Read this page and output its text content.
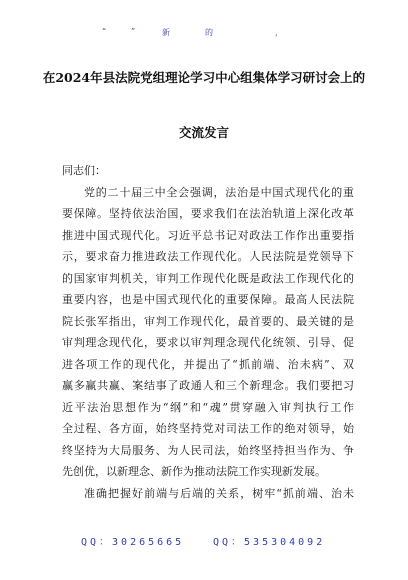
“	”	新	的	，
在2024年县法院党组理论学习中心组集体学习研讨会上的
交流发言
同志们：
党的二十届三中全会强调，法治是中国式现代化的重
要保障。坚持依法治国，要求我们在法治轨道上深化改革
推进中国式现代化。习近平总书记对政法工作作出重要指
示，要求奋力推进政法工作现代化。人民法院是党领导下
的国家审判机关，审判工作现代化既是政法工作现代化的
重要内容，也是中国式现代化的重要保障。最高人民法院
院长张军指出，审判工作现代化，最首要的、最关键的是
审判理念现代化，要求以审判理念现代化统领、引导、促
进各项工作的现代化，并提出了“抓前端、治未病”、双
赢多赢共赢、案结事了政通人和三个新理念。我们要把习
近平法治思想作为“纲”和“魂”贯穿融入审判执行工作
全过程、各方面，始终坚持党对司法工作的绝对领导，始
终坚持为大局服务、为人民司法，始终坚持担当作为、争
先创优，以新理念、新作为推动法院工作实现新发展。
准确把握好前端与后端的关系，树牢“抓前端、治未
QQ：30265665	QQ：535304092
